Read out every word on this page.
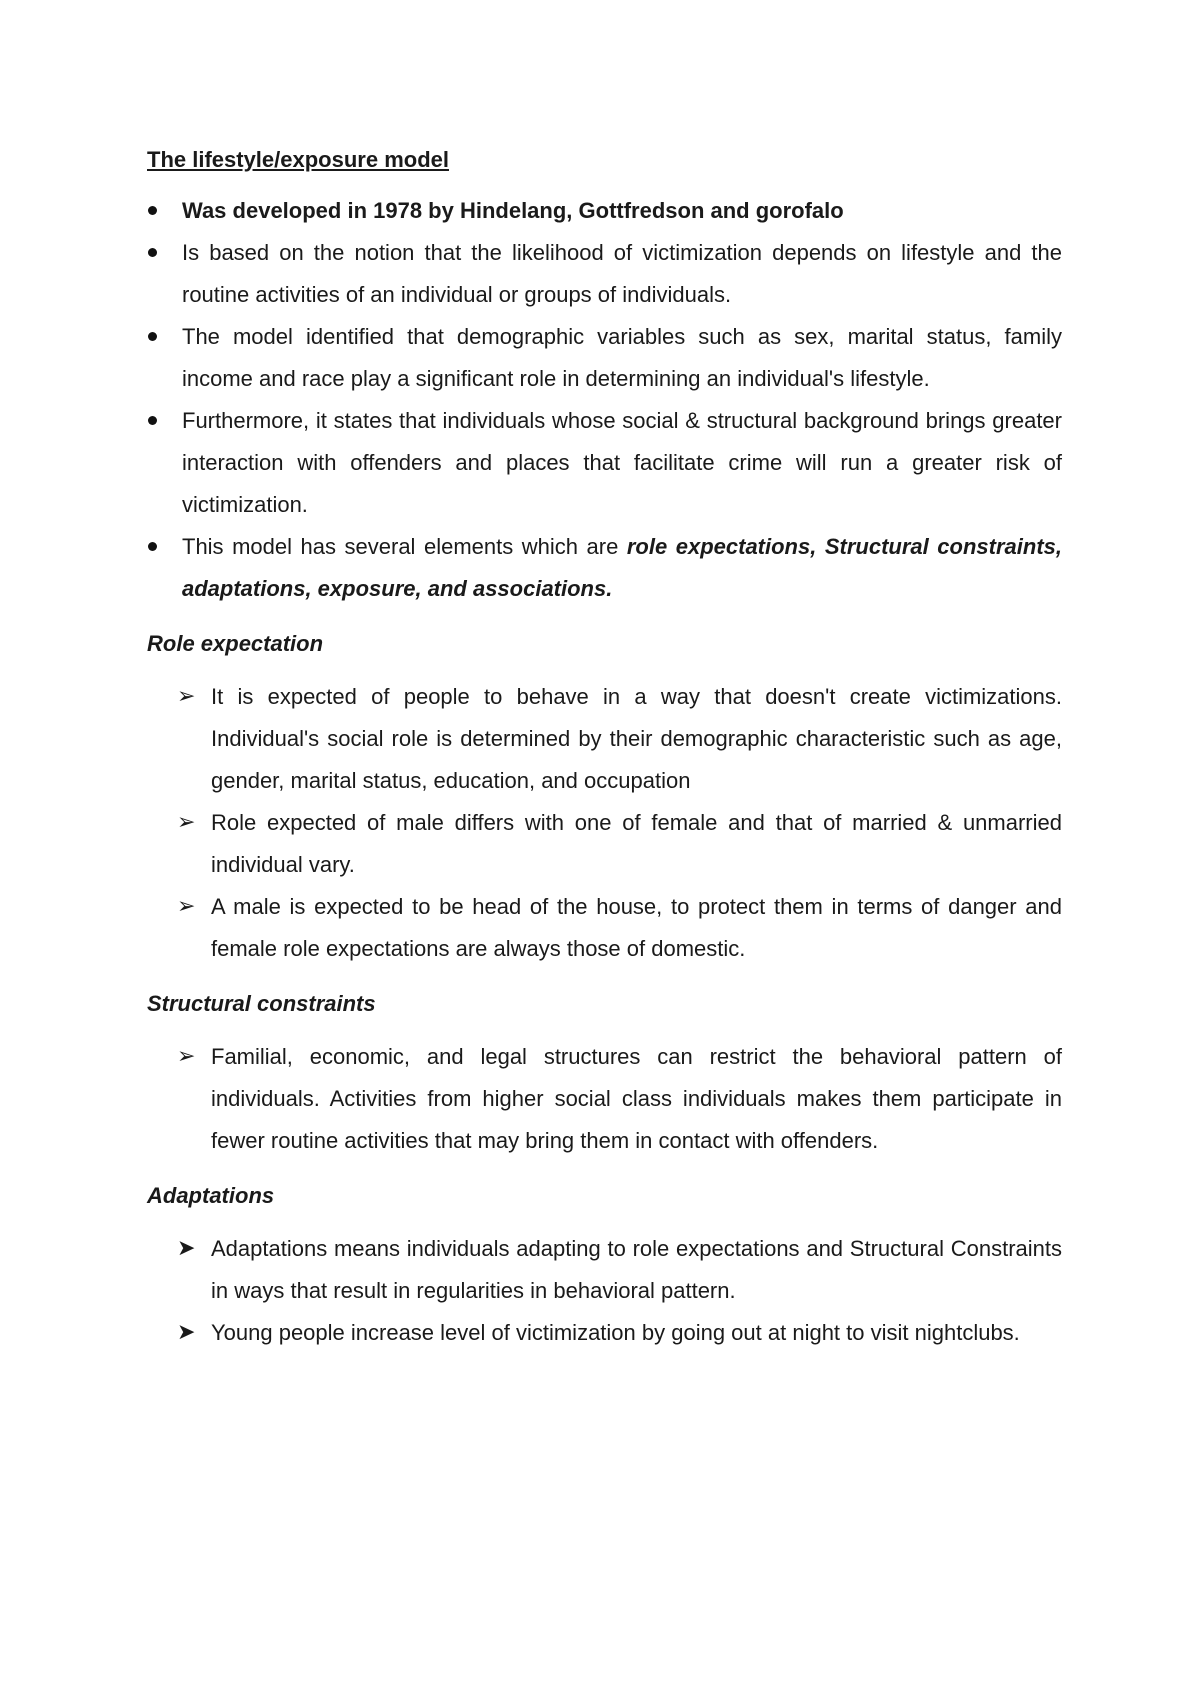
The lifestyle/exposure model
Was developed in 1978 by Hindelang, Gottfredson and gorofalo
Is based on the notion that the likelihood of victimization depends on lifestyle and the routine activities of an individual or groups of individuals.
The model identified that demographic variables such as sex, marital status, family income and race play a significant role in determining an individual's lifestyle.
Furthermore, it states that individuals whose social & structural background brings greater interaction with offenders and places that facilitate crime will run a greater risk of victimization.
This model has several elements which are role expectations, Structural constraints, adaptations, exposure, and associations.
Role expectation
➢ It is expected of people to behave in a way that doesn't create victimizations. Individual's social role is determined by their demographic characteristic such as age, gender, marital status, education, and occupation
➢ Role expected of male differs with one of female and that of married & unmarried individual vary.
➢ A male is expected to be head of the house, to protect them in terms of danger and female role expectations are always those of domestic.
Structural constraints
➢ Familial, economic, and legal structures can restrict the behavioral pattern of individuals. Activities from higher social class individuals makes them participate in fewer routine activities that may bring them in contact with offenders.
Adaptations
➤ Adaptations means individuals adapting to role expectations and Structural Constraints in ways that result in regularities in behavioral pattern.
➤ Young people increase level of victimization by going out at night to visit nightclubs.
